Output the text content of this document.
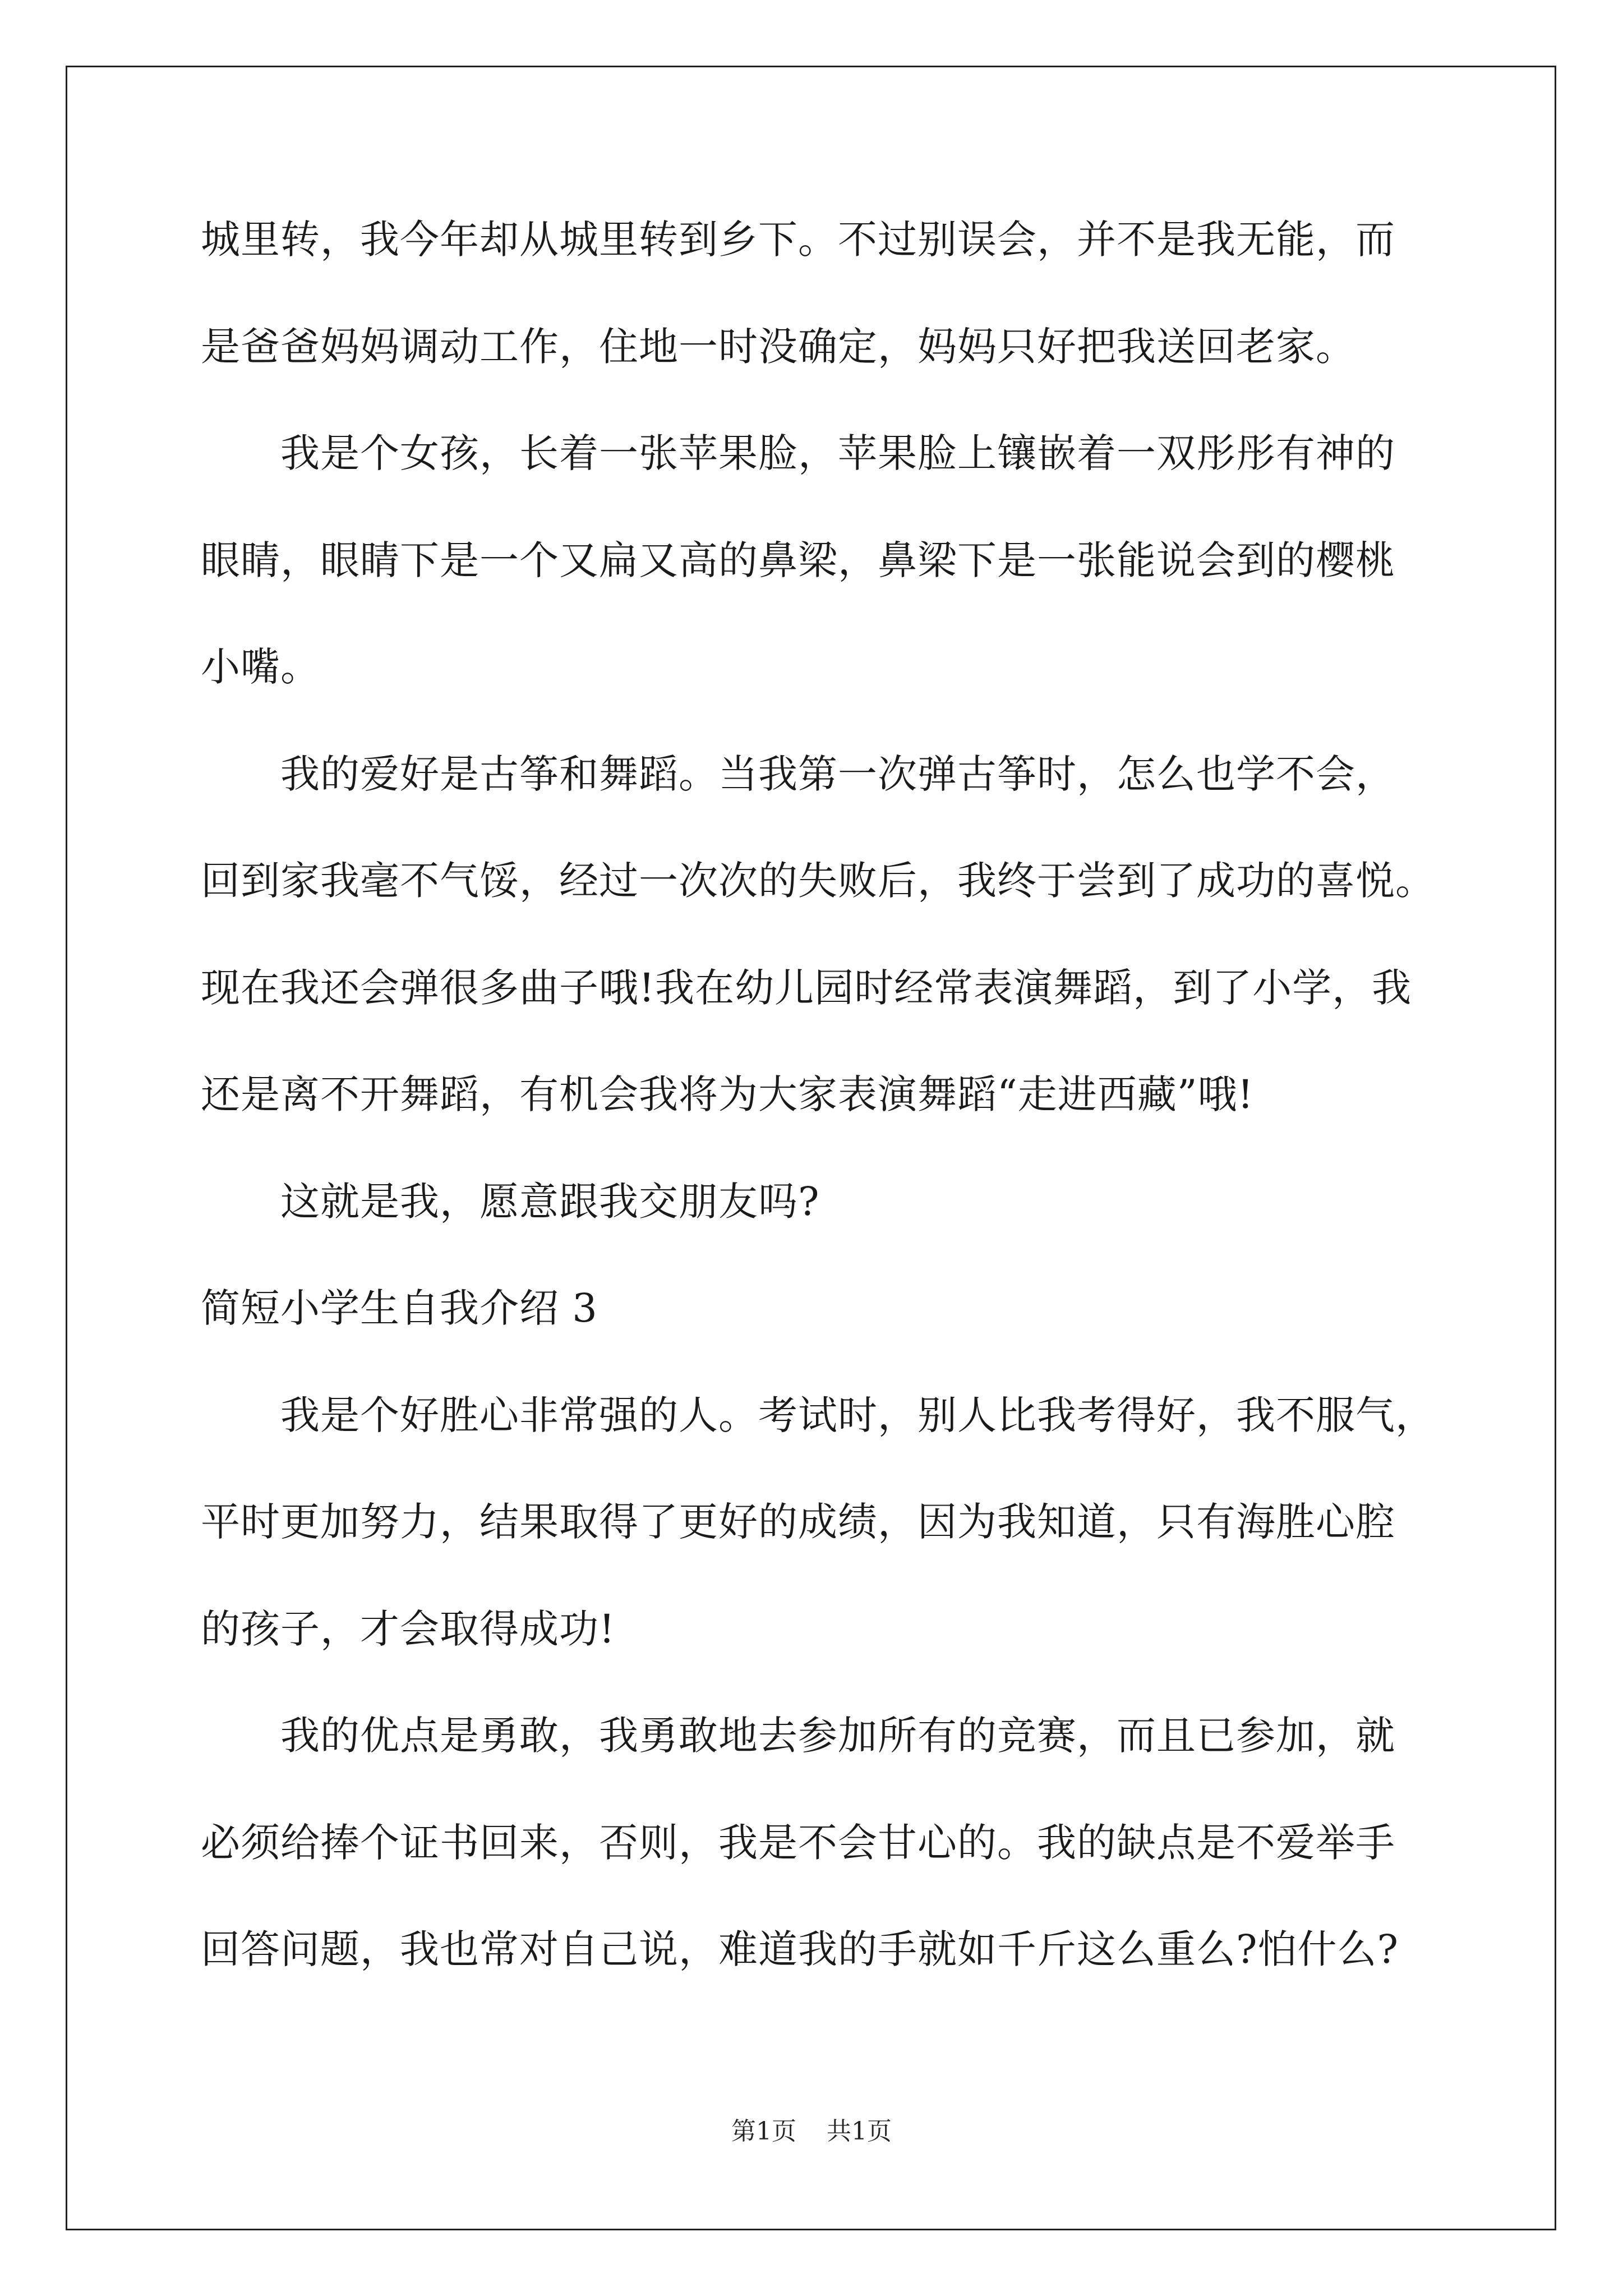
城里转，我今年却从城里转到乡下。不过别误会，并不是我无能，而
是爸爸妈妈调动工作，住地一时没确定，妈妈只好把我送回老家。
我是个女孩，长着一张苹果脸，苹果脸上镶嵌着一双彤彤有神的
眼睛，眼睛下是一个又扁又高的鼻梁，鼻梁下是一张能说会到的樱桃
小嘴。
我的爱好是古筝和舞蹈。当我第一次弹古筝时，怎么也学不会，
回到家我毫不气馁，经过一次次的失败后，我终于尝到了成功的喜悦。
现在我还会弹很多曲子哦!我在幼儿园时经常表演舞蹈，到了小学，我
还是离不开舞蹈，有机会我将为大家表演舞蹈“走进西藏”哦!
这就是我，愿意跟我交朋友吗?
简短小学生自我介绍 3
我是个好胜心非常强的人。考试时，别人比我考得好，我不服气，
平时更加努力，结果取得了更好的成绩，因为我知道，只有海胜心腔
的孩子，才会取得成功!
我的优点是勇敢，我勇敢地去参加所有的竞赛，而且已参加，就
必须给捧个证书回来，否则，我是不会甘心的。我的缺点是不爱举手
回答问题，我也常对自己说，难道我的手就如千斤这么重么?怕什么?
第1页 共1页
